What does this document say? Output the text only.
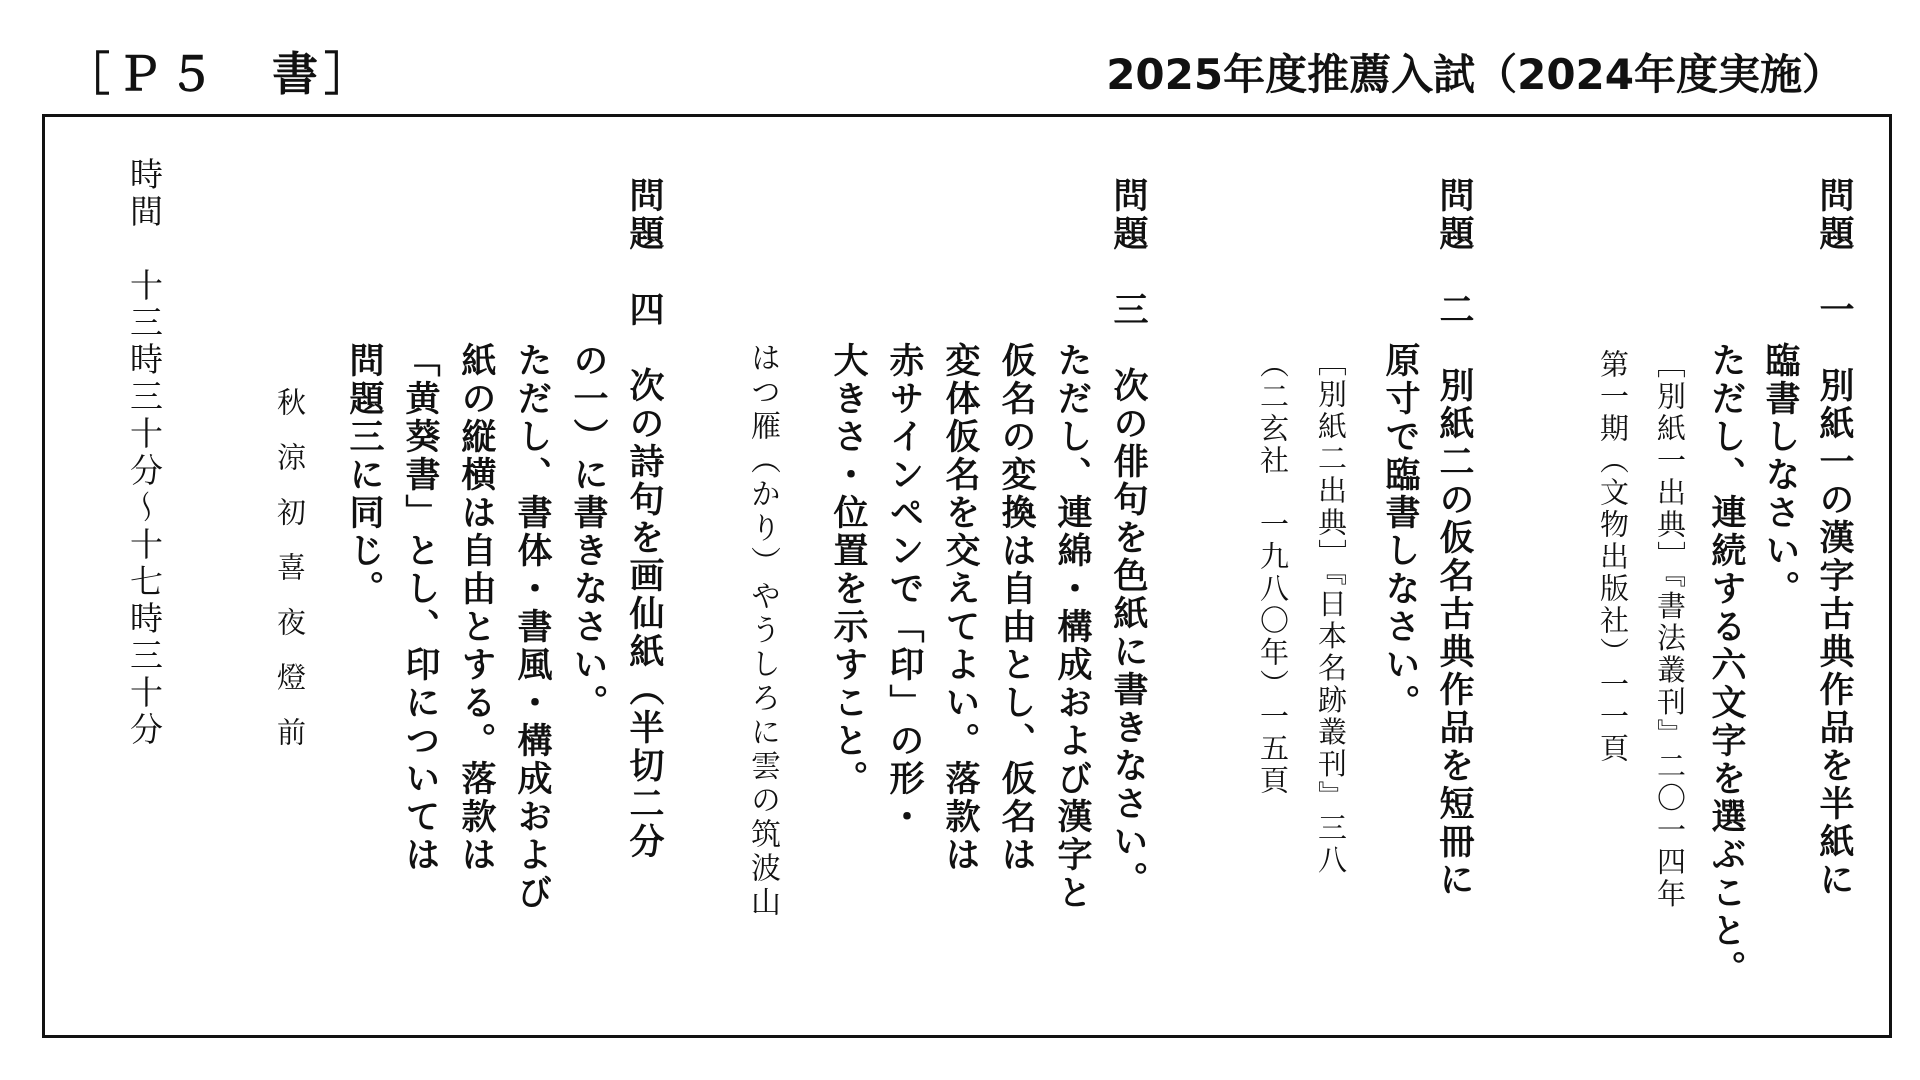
［Ｐ５　書］	2025年度推薦入試（2024年度実施）
問題　一　別紙一の漢字古典作品を半紙に
臨書しなさい。
ただし、連続する六文字を選ぶこと。
［別紙一出典］『書法叢刊』二〇一四年
第一期（文物出版社）一一頁
問題　二　別紙二の仮名古典作品を短冊に
原寸で臨書しなさい。
［別紙二出典］『日本名跡叢刊』三八
（二玄社　一九八〇年）一五頁
問題　三　次の俳句を色紙に書きなさい。
ただし、連綿・構成および漢字と
仮名の変換は自由とし、仮名は
変体仮名を交えてよい。落款は
赤サインペンで「印」の形・
大きさ・位置を示すこと。
はつ雁（かり）やうしろに雲の筑波山
問題　四　次の詩句を画仙紙（半切二分
の一）に書きなさい。
ただし、書体・書風・構成および
紙の縦横は自由とする。落款は
「黄葵書」とし、印については
問題三に同じ。
秋涼初喜夜燈前
時間　十三時三十分～十七時三十分
